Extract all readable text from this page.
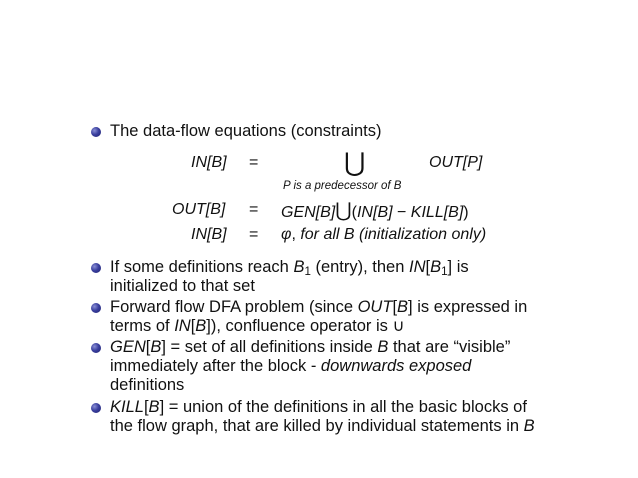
The data-flow equations (constraints)
IN[B] =	⋃	OUT[P]
P is a predecessor of B
OUT[B] = GEN[B]⋃(IN[B] − KILL[B])
IN[B] = φ, for all B (initialization only)
If some definitions reach $B_1$ (entry), then $IN[B_1]$ is
initialized to that set
Forward flow DFA problem (since OUT[B] is expressed in
terms of IN[B]), confluence operator is ∪
GEN[B] = set of all definitions inside B that are “visible”
immediately after the block - downwards exposed
definitions
KILL[B] = union of the definitions in all the basic blocks of
the flow graph, that are killed by individual statements in B
